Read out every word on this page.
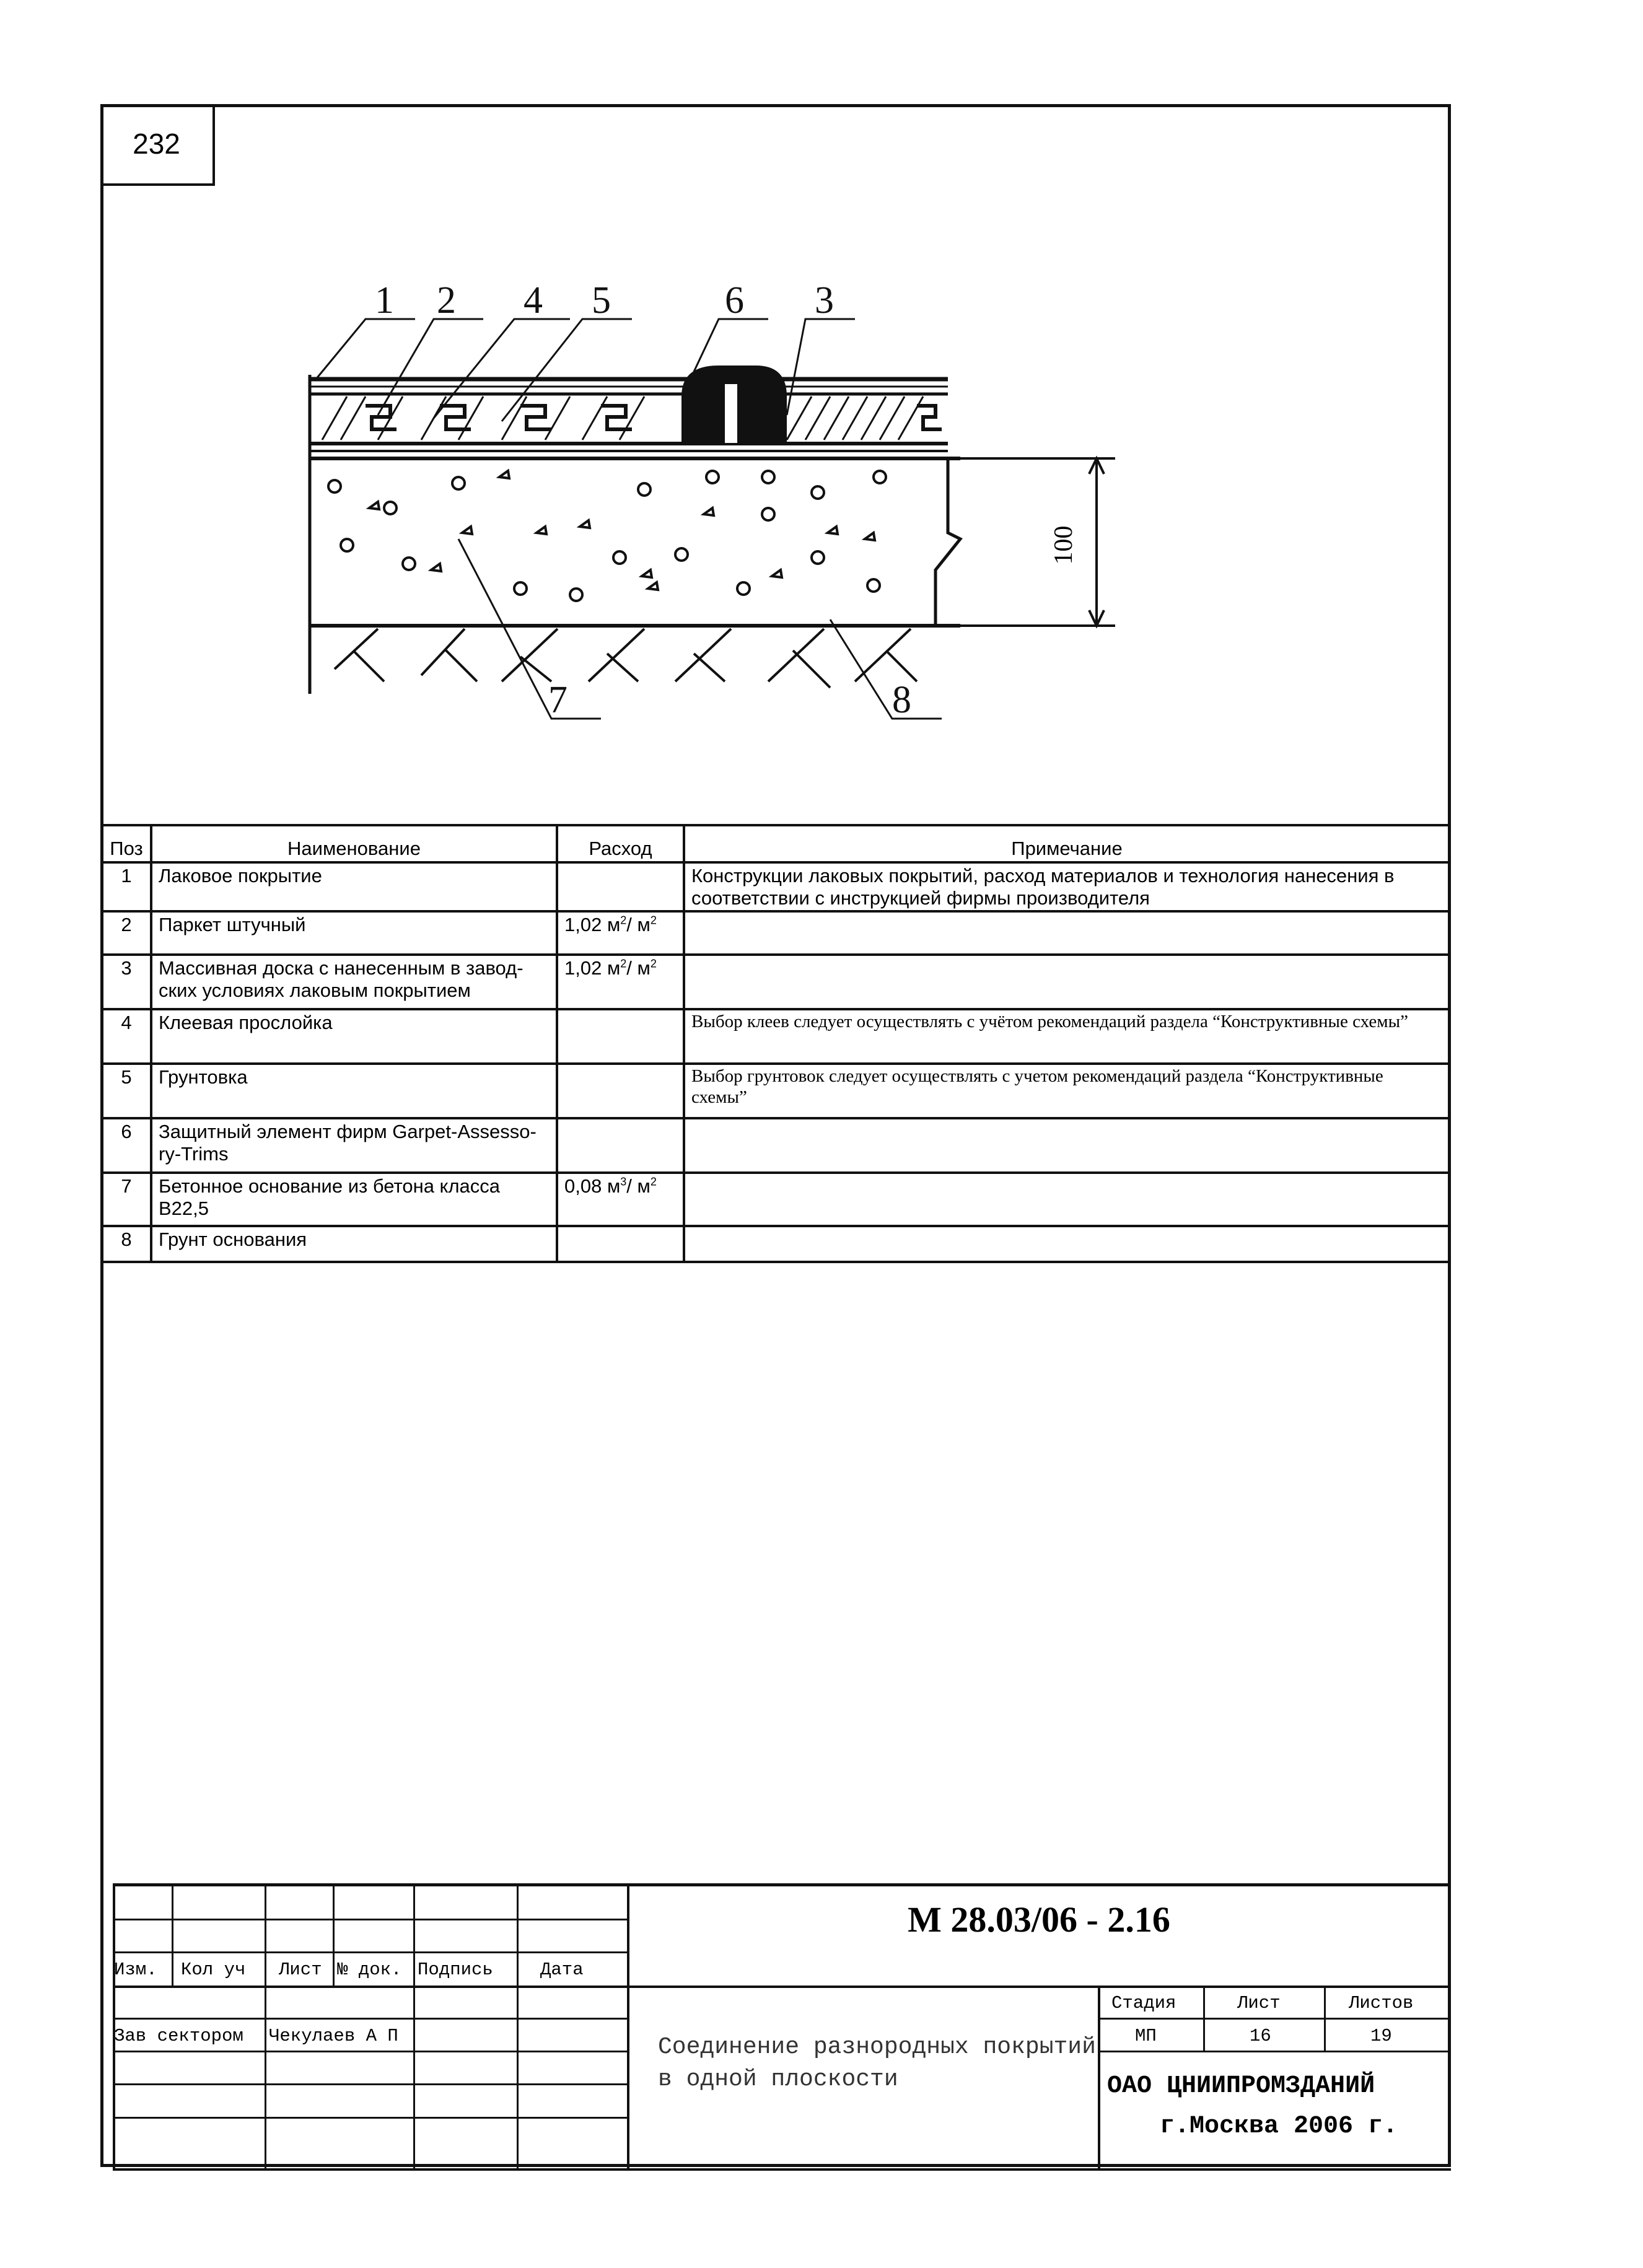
232
1 2 4 5	6 3
7	8
100
Поз	Наименование	Расход	Примечание
1	Лаковое покрытие		Конструкции лаковых покрытий, расход материалов и технология нанесения в соответствии с инструкцией фирмы производителя
2	Паркет штучный	1,02 $м^2/$ $м^2$	
3	Массивная доска с нанесенным в завод-ских условиях лаковым покрытием	1,02 $м^2/$ $м^2$	
4	Клеевая прослойка		Выбор клеев следует осуществлять с учётом рекомендаций раздела “Конструктивные схемы”
5	Грунтовка		Выбор грунтовок следует осуществлять с учетом рекомендаций раздела “Конструктивные схемы”
6	Защитный элемент фирм Garpet-Assesso-ry-Trims		
7	Бетонное основание из бетона класса В22,5	0,08 $м^3/$ $м^2$	
8	Грунт основания		
Изм. Кол уч Лист № док. Подпись	Дата
Зав сектором Чекулаев А П
М 28.03/06 - 2.16
Соединение разнородных покрытий
в одной плоскости
Стадия	Лист	Листов
МП	16	19
ОАО ЦНИИПРОМЗДАНИЙ
г.Москва 2006 г.
